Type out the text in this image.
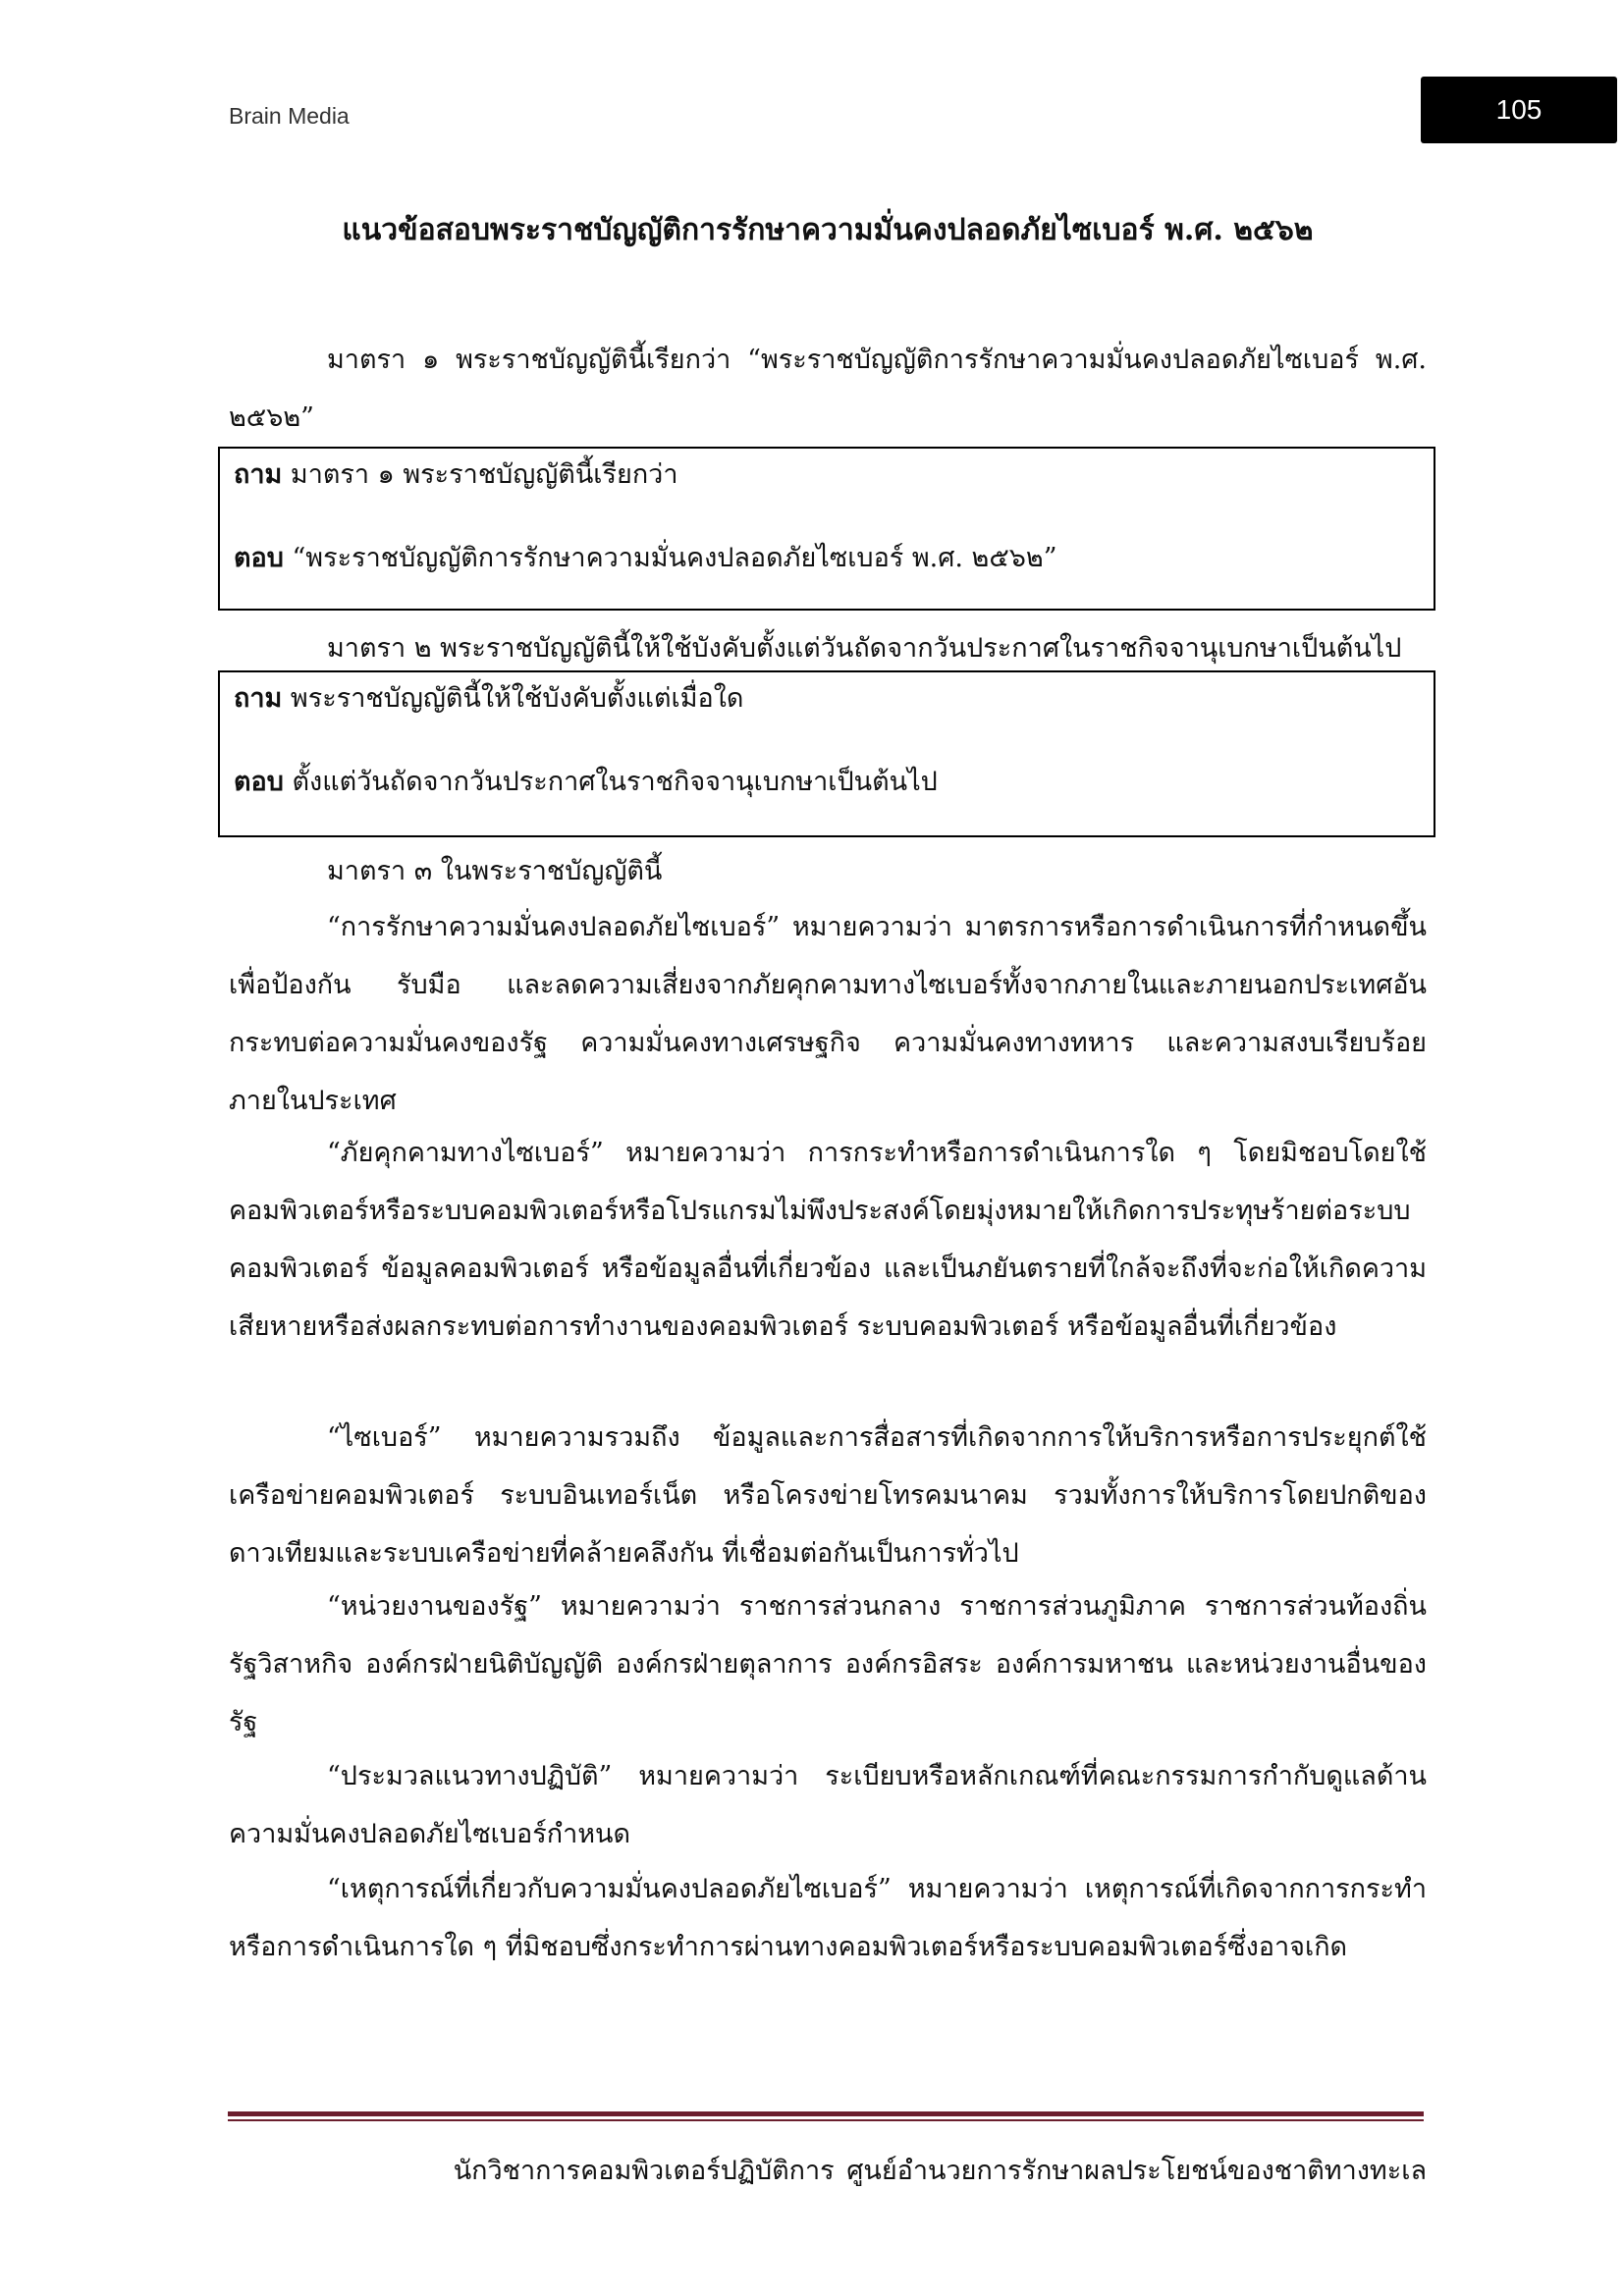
Brain Media	105
แนวข้อสอบพระราชบัญญัติการรักษาความมั่นคงปลอดภัยไซเบอร์ พ.ศ. ๒๕๖๒

มาตรา ๑ พระราชบัญญัตินี้เรียกว่า “พระราชบัญญัติการรักษาความมั่นคงปลอดภัยไซเบอร์ พ.ศ. ๒๕๖๒”

ถาม มาตรา ๑ พระราชบัญญัตินี้เรียกว่า

ตอบ “พระราชบัญญัติการรักษาความมั่นคงปลอดภัยไซเบอร์ พ.ศ. ๒๕๖๒”

มาตรา ๒ พระราชบัญญัตินี้ให้ใช้บังคับตั้งแต่วันถัดจากวันประกาศในราชกิจจานุเบกษาเป็นต้นไป

ถาม พระราชบัญญัตินี้ให้ใช้บังคับตั้งแต่เมื่อใด

ตอบ ตั้งแต่วันถัดจากวันประกาศในราชกิจจานุเบกษาเป็นต้นไป

มาตรา ๓ ในพระราชบัญญัตินี้

“การรักษาความมั่นคงปลอดภัยไซเบอร์” หมายความว่า มาตรการหรือการดำเนินการที่กำหนดขึ้นเพื่อป้องกัน รับมือ และลดความเสี่ยงจากภัยคุกคามทางไซเบอร์ทั้งจากภายในและภายนอกประเทศอันกระทบต่อความมั่นคงของรัฐ ความมั่นคงทางเศรษฐกิจ ความมั่นคงทางทหาร และความสงบเรียบร้อยภายในประเทศ

“ภัยคุกคามทางไซเบอร์” หมายความว่า การกระทำหรือการดำเนินการใด ๆ โดยมิชอบโดยใช้คอมพิวเตอร์หรือระบบคอมพิวเตอร์หรือโปรแกรมไม่พึงประสงค์โดยมุ่งหมายให้เกิดการประทุษร้ายต่อระบบคอมพิวเตอร์ ข้อมูลคอมพิวเตอร์ หรือข้อมูลอื่นที่เกี่ยวข้อง และเป็นภยันตรายที่ใกล้จะถึงที่จะก่อให้เกิดความเสียหายหรือส่งผลกระทบต่อการทำงานของคอมพิวเตอร์ ระบบคอมพิวเตอร์ หรือข้อมูลอื่นที่เกี่ยวข้อง

“ไซเบอร์” หมายความรวมถึง ข้อมูลและการสื่อสารที่เกิดจากการให้บริการหรือการประยุกต์ใช้เครือข่ายคอมพิวเตอร์ ระบบอินเทอร์เน็ต หรือโครงข่ายโทรคมนาคม รวมทั้งการให้บริการโดยปกติของดาวเทียมและระบบเครือข่ายที่คล้ายคลึงกัน ที่เชื่อมต่อกันเป็นการทั่วไป

“หน่วยงานของรัฐ” หมายความว่า ราชการส่วนกลาง ราชการส่วนภูมิภาค ราชการส่วนท้องถิ่นรัฐวิสาหกิจ องค์กรฝ่ายนิติบัญญัติ องค์กรฝ่ายตุลาการ องค์กรอิสระ องค์การมหาชน และหน่วยงานอื่นของรัฐ

“ประมวลแนวทางปฏิบัติ” หมายความว่า ระเบียบหรือหลักเกณฑ์ที่คณะกรรมการกำกับดูแลด้านความมั่นคงปลอดภัยไซเบอร์กำหนด

“เหตุการณ์ที่เกี่ยวกับความมั่นคงปลอดภัยไซเบอร์” หมายความว่า เหตุการณ์ที่เกิดจากการกระทำหรือการดำเนินการใด ๆ ที่มิชอบซึ่งกระทำการผ่านทางคอมพิวเตอร์หรือระบบคอมพิวเตอร์ซึ่งอาจเกิด

นักวิชาการคอมพิวเตอร์ปฏิบัติการ ศูนย์อำนวยการรักษาผลประโยชน์ของชาติทางทะเล
